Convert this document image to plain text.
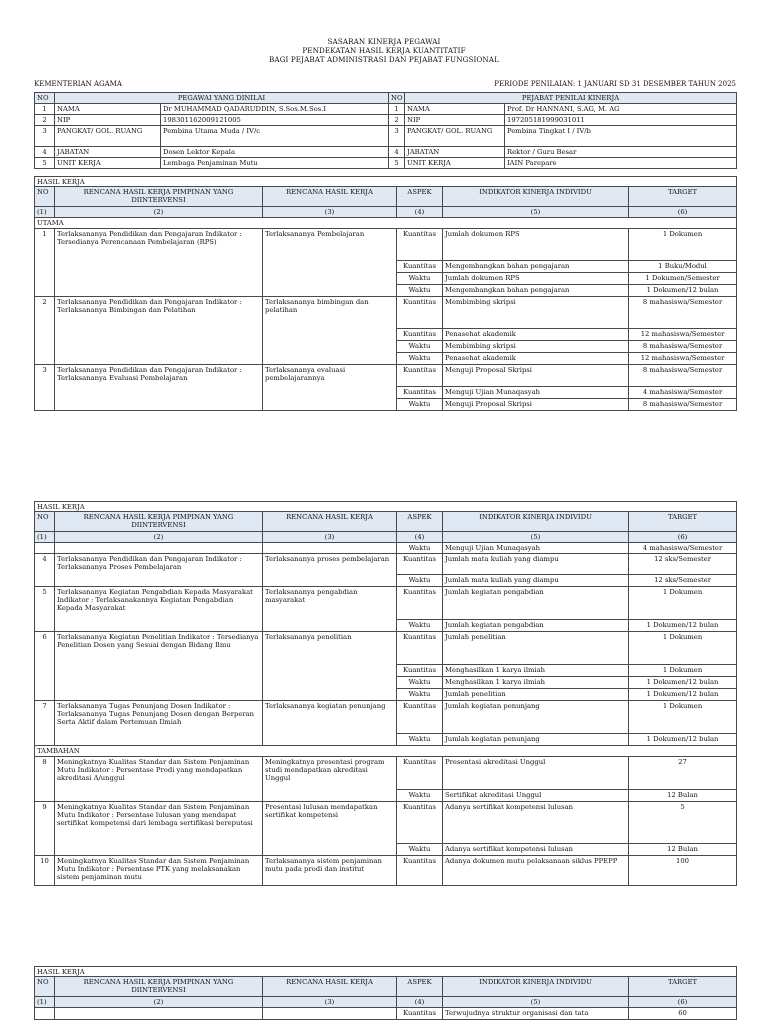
SASARAN KINERJA PEGAWAI
PENDEKATAN HASIL KERJA KUANTITATIF
BAGI PEJABAT ADMINISTRASI DAN PEJABAT FUNGSIONAL
KEMENTERIAN AGAMA	PERIODE PENILAIAN: 1 JANUARI SD 31 DESEMBER TAHUN 2025
NO	PEGAWAI YANG DINILAI		NO	PEJABAT PENILAI KINERJA	
1	NAMA	Dr MUHAMMAD QADARUDDIN, S.Sos.M.Sos.I	1	NAMA	Prof. Dr HANNANI, S.AG, M. AG
2	NIP	198301162009121005	2	NIP	197205181999031011
3	PANGKAT/ GOL. RUANG	Pembina Utama Muda / IV/c	3	PANGKAT/ GOL. RUANG	Pembina Tingkat I / IV/b
4	JABATAN	Dosen Lektor Kepala	4	JABATAN	Rektor / Guru Besar
5	UNIT KERJA	Lembaga Penjaminan Mutu	5	UNIT KERJA	IAIN Parepare
HASIL KERJA					
NO	RENCANA HASIL KERJA PIMPINAN YANG DIINTERVENSI	RENCANA HASIL KERJA	ASPEK	INDIKATOR KINERJA INDIVIDU	TARGET
(1)	(2)	(3)	(4)	(5)	(6)
UTAMA					
1	Terlaksananya Pendidikan dan Pengajaran Indikator : Tersedianya Perencanaan Pembelajaran (RPS)	Terlaksananya Pembelajaran	Kuantitas	Jumlah dokumen RPS	1 Dokumen
			Kuantitas	Mengembangkan bahan pengajaran	1 Buku/Modul
			Waktu	Jumlah dokumen RPS	1 Dokumen/Semester
			Waktu	Mengembangkan bahan pengajaran	1 Dokumen/12 bulan
2	Terlaksananya Pendidikan dan Pengajaran Indikator : Terlaksananya Bimbingan dan Pelatihan	Terlaksananya bimbingan dan pelatihan	Kuantitas	Membimbing skripsi	8 mahasiswa/Semester
			Kuantitas	Penasehat akademik	12 mahasiswa/Semester
			Waktu	Membimbing skripsi	8 mahasiswa/Semester
			Waktu	Penasehat akademik	12 mahasiswa/Semester
3	Terlaksananya Pendidikan dan Pengajaran Indikator : Terlaksananya Evaluasi Pembelajaran	Terlaksananya evaluasi pembelajarannya	Kuantitas	Menguji Proposal Skripsi	8 mahasiswa/Semester
			Kuantitas	Menguji Ujian Munaqasyah	4 mahasiswa/Semester
			Waktu	Menguji Proposal Skripsi	8 mahasiswa/Semester
HASIL KERJA					
NO	RENCANA HASIL KERJA PIMPINAN YANG DIINTERVENSI	RENCANA HASIL KERJA	ASPEK	INDIKATOR KINERJA INDIVIDU	TARGET
(1)	(2)	(3)	(4)	(5)	(6)
			Waktu	Menguji Ujian Munaqasyah	4 mahasiswa/Semester
4	Terlaksananya Pendidikan dan Pengajaran Indikator : Terlaksananya Proses Pembelajaran	Terlaksananya proses pembelajaran	Kuantitas	Jumlah mata kuliah yang diampu	12 sks/Semester
			Waktu	Jumlah mata kuliah yang diampu	12 sks/Semester
5	Terlaksananya Kegiatan Pengabdian Kepada Masyarakat Indikator : Terlaksanakannya Kegiatan Pengabdian Kepada Masyarakat	Terlaksananya pengabdian masyarakat	Kuantitas	Jumlah kegiatan pengabdian	1 Dokumen
			Waktu	Jumlah kegiatan pengabdian	1 Dokumen/12 bulan
6	Terlaksananya Kegiatan Penelitian Indikator : Tersedianya Penelitian Dosen yang Sesuai dengan Bidang Ilmu	Terlaksananya penelitian	Kuantitas	Jumlah penelitian	1 Dokumen
			Kuantitas	Menghasilkan 1 karya ilmiah	1 Dokumen
			Waktu	Menghasilkan 1 karya ilmiah	1 Dokumen/12 bulan
			Waktu	Jumlah penelitian	1 Dokumen/12 bulan
7	Terlaksananya Tugas Penunjang Dosen Indikator : Terlaksananya Tugas Penunjang Dosen dengan Berperan Serta Aktif dalam Pertemuan Ilmiah	Terlaksananya kegiatan penunjang	Kuantitas	Jumlah kegiatan penunjang	1 Dokumen
			Waktu	Jumlah kegiatan penunjang	1 Dokumen/12 bulan
TAMBAHAN					
8	Meningkatnya Kualitas Standar dan Sistem Penjaminan Mutu Indikator : Persentase Prodi yang mendapatkan akreditasi A/unggul	Meningkatnya presentasi program studi mendapatkan akreditasi Unggul	Kuantitas	Presentasi akreditasi Unggul	27
			Waktu	Sertifikat akreditasi Unggul	12 Bulan
9	Meningkatnya Kualitas Standar dan Sistem Penjaminan Mutu Indikator : Persentase lulusan yang mendapat sertifikat kompetensi dari lembaga sertifikasi bereputasi	Presentasi lulusan mendapatkan sertifikat kompetensi	Kuantitas	Adanya sertifikat kompetensi lulusan	5
			Waktu	Adanya sertifikat kompetensi lulusan	12 Bulan
10	Meningkatnya Kualitas Standar dan Sistem Penjaminan Mutu Indikator : Persentase PTK yang melaksanakan sistem penjaminan mutu	Terlaksananya sistem penjaminan mutu pada prodi dan institut	Kuantitas	Adanya dokumen mutu pelaksanaan siklus PPEPP	100
HASIL KERJA					
NO	RENCANA HASIL KERJA PIMPINAN YANG DIINTERVENSI	RENCANA HASIL KERJA	ASPEK	INDIKATOR KINERJA INDIVIDU	TARGET
(1)	(2)	(3)	(4)	(5)	(6)
			Kuantitas	Terwujudnya struktur organisasi dan tata	60
